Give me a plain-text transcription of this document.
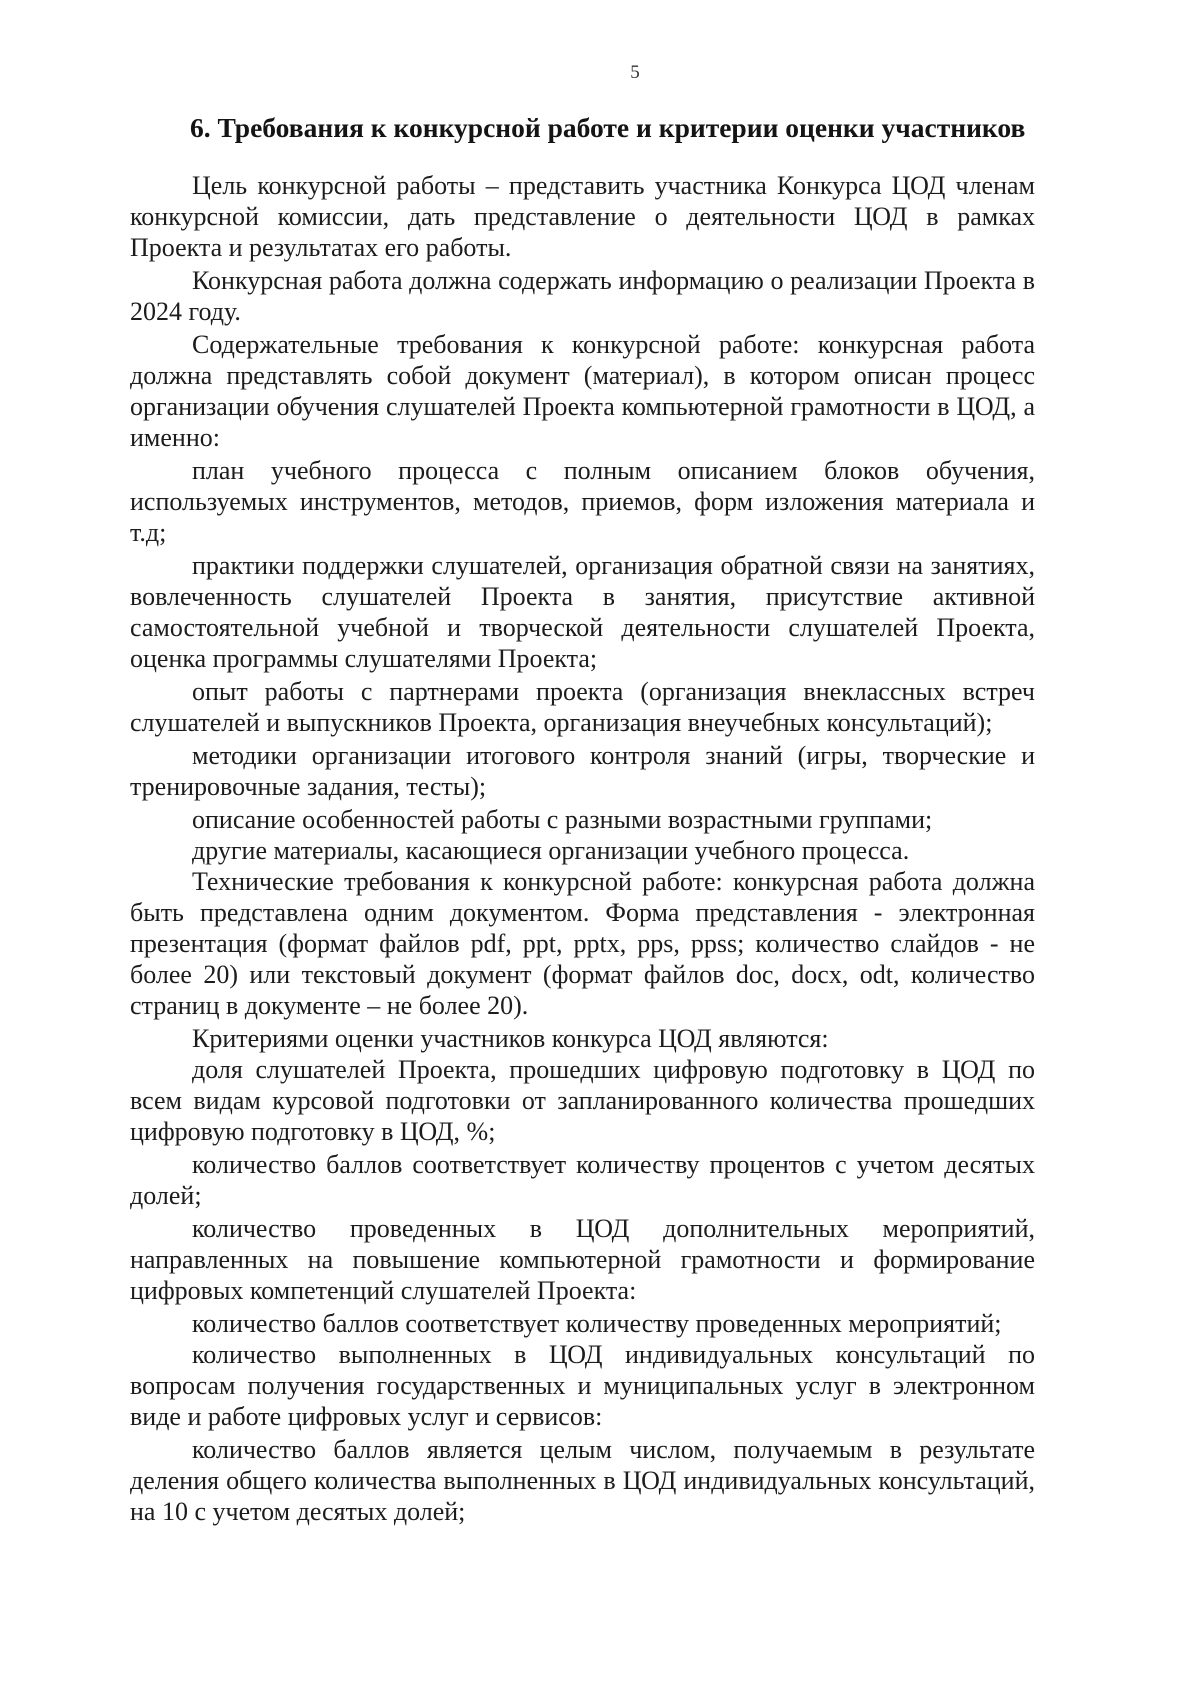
5
6. Требования к конкурсной работе и критерии оценки участников

Цель конкурсной работы – представить участника Конкурса ЦОД членам конкурсной комиссии, дать представление о деятельности ЦОД в рамках Проекта и результатах его работы.

Конкурсная работа должна содержать информацию о реализации Проекта в 2024 году.

Содержательные требования к конкурсной работе: конкурсная работа должна представлять собой документ (материал), в котором описан процесс организации обучения слушателей Проекта компьютерной грамотности в ЦОД, а именно:

план учебного процесса с полным описанием блоков обучения, используемых инструментов, методов, приемов, форм изложения материала и т.д;

практики поддержки слушателей, организация обратной связи на занятиях, вовлеченность слушателей Проекта в занятия, присутствие активной самостоятельной учебной и творческой деятельности слушателей Проекта, оценка программы слушателями Проекта;

опыт работы с партнерами проекта (организация внеклассных встреч слушателей и выпускников Проекта, организация внеучебных консультаций);

методики организации итогового контроля знаний (игры, творческие и тренировочные задания, тесты);

описание особенностей работы с разными возрастными группами;

другие материалы, касающиеся организации учебного процесса.

Технические требования к конкурсной работе: конкурсная работа должна быть представлена одним документом. Форма представления - электронная презентация (формат файлов pdf, ppt, pptx, pps, ppss; количество слайдов - не более 20) или текстовый документ (формат файлов doc, docx, odt, количество страниц в документе – не более 20).

Критериями оценки участников конкурса ЦОД являются:

доля слушателей Проекта, прошедших цифровую подготовку в ЦОД по всем видам курсовой подготовки от запланированного количества прошедших цифровую подготовку в ЦОД, %;

количество баллов соответствует количеству процентов с учетом десятых долей;

количество проведенных в ЦОД дополнительных мероприятий, направленных на повышение компьютерной грамотности и формирование цифровых компетенций слушателей Проекта:

количество баллов соответствует количеству проведенных мероприятий;

количество выполненных в ЦОД индивидуальных консультаций по вопросам получения государственных и муниципальных услуг в электронном виде и работе цифровых услуг и сервисов:

количество баллов является целым числом, получаемым в результате деления общего количества выполненных в ЦОД индивидуальных консультаций, на 10 с учетом десятых долей;
